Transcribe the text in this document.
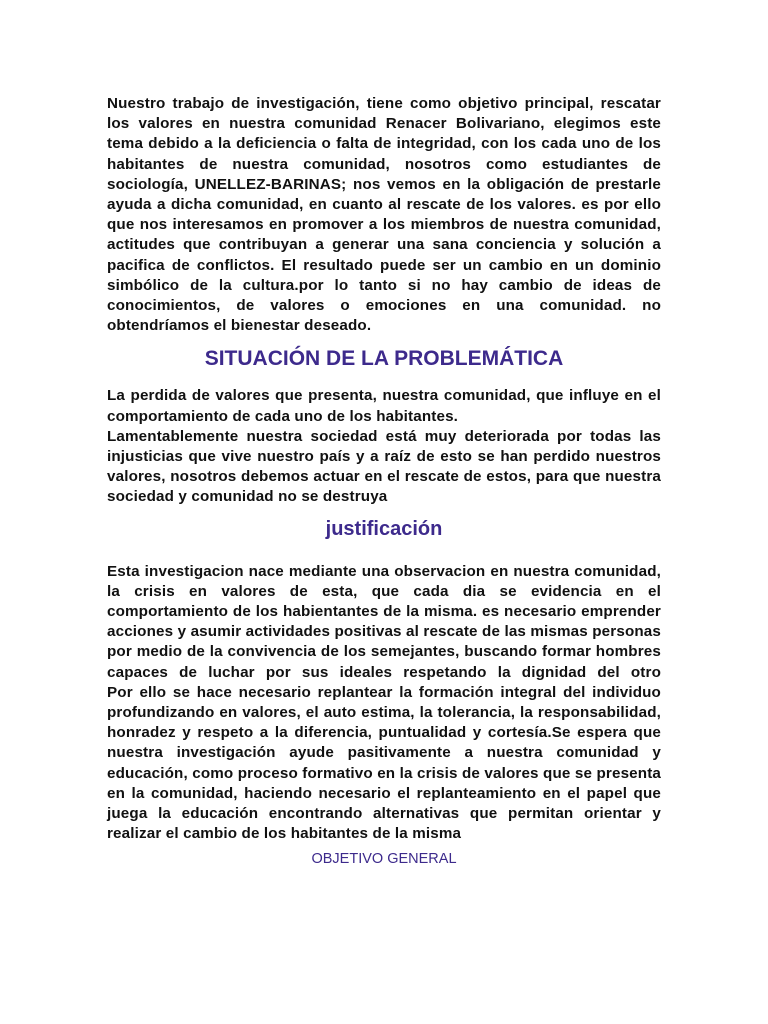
Nuestro trabajo de investigación, tiene como objetivo principal, rescatar los valores en nuestra comunidad Renacer Bolivariano, elegimos este tema debido a la deficiencia o falta de integridad, con los cada uno de los habitantes de nuestra comunidad, nosotros como estudiantes de sociología, UNELLEZ-BARINAS; nos vemos en la obligación de prestarle ayuda a dicha comunidad, en cuanto al rescate de los valores. es por ello que nos interesamos en promover a los miembros de nuestra comunidad, actitudes que contribuyan a generar una sana conciencia y solución a pacifica de conflictos. El resultado puede ser un cambio en un dominio simbólico de la cultura.por lo tanto si no hay cambio de ideas de conocimientos, de valores o emociones en una comunidad. no obtendríamos el bienestar deseado.

SITUACIÓN DE LA PROBLEMÁTICA

La perdida de valores que presenta, nuestra comunidad, que influye en el comportamiento de cada uno de los habitantes.

Lamentablemente nuestra sociedad está muy deteriorada por todas las injusticias que vive nuestro país y a raíz de esto se han perdido nuestros valores, nosotros debemos actuar en el rescate de estos, para que nuestra sociedad y comunidad no se destruya

justificación

Esta investigacion nace mediante una observacion en nuestra comunidad, la crisis en valores de esta, que cada dia se evidencia en el comportamiento de los habientantes de la misma. es necesario emprender acciones y asumir actividades positivas al rescate de las mismas personas por medio de la convivencia de los semejantes, buscando formar hombres capaces de luchar por sus ideales respetando la dignidad del otro

Por ello se hace necesario replantear la formación integral del individuo profundizando en valores, el auto estima, la tolerancia, la responsabilidad, honradez y respeto a la diferencia, puntualidad y cortesía.Se espera que nuestra investigación ayude pasitivamente a nuestra comunidad y educación, como proceso formativo en la crisis de valores que se presenta en la comunidad, haciendo necesario el replanteamiento en el papel que juega la educación encontrando alternativas que permitan orientar y realizar el cambio de los habitantes de la misma

OBJETIVO GENERAL
